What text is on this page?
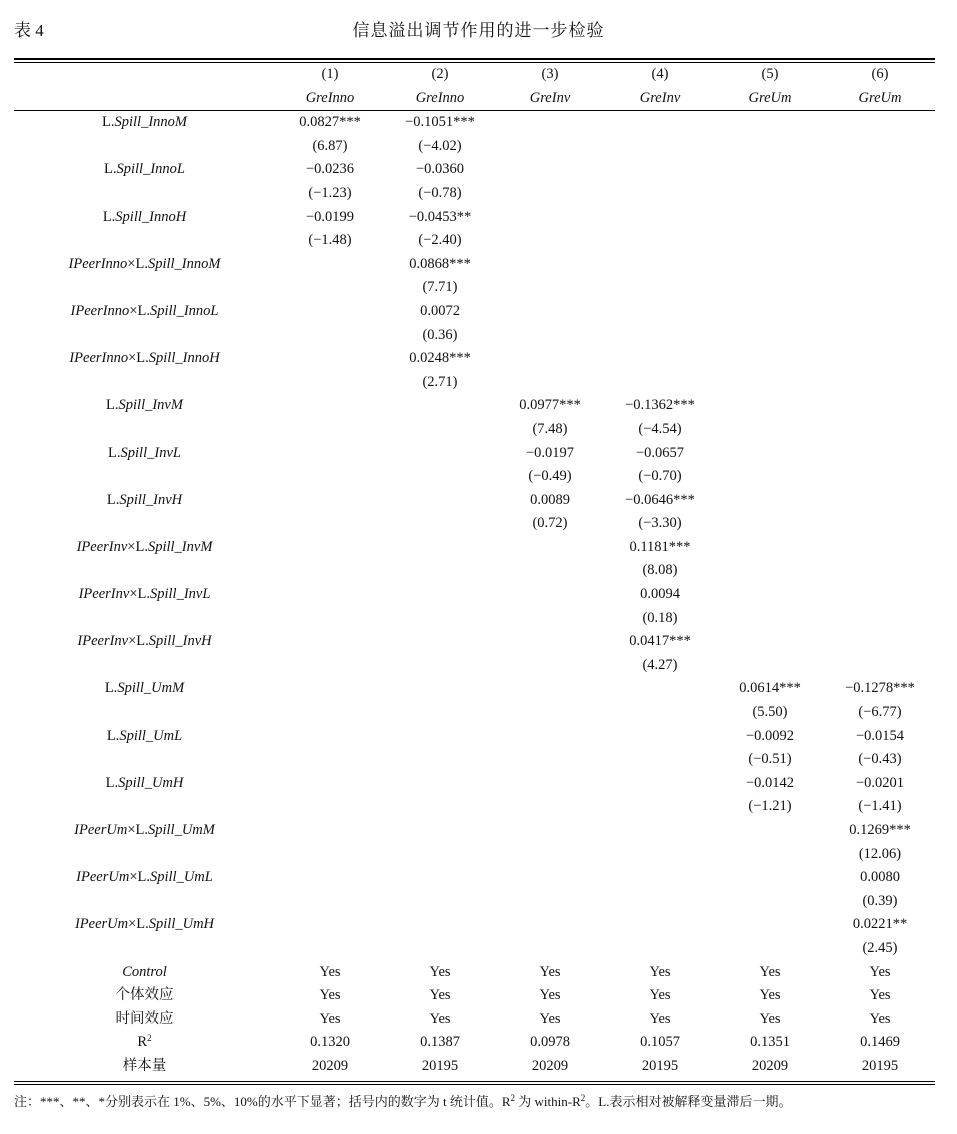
表 4	信息溢出调节作用的进一步检验
	(1)	(2)	(3)	(4)	(5)	(6)
	GreInno	GreInno	GreInv	GreInv	GreUm	GreUm
L.Spill_InnoM	0.0827***	−0.1051***				
	(6.87)	(−4.02)				
L.Spill_InnoL	−0.0236	−0.0360				
	(−1.23)	(−0.78)				
L.Spill_InnoH	−0.0199	−0.0453**				
	(−1.48)	(−2.40)				
IPeerInno×L.Spill_InnoM		0.0868***				
		(7.71)				
IPeerInno×L.Spill_InnoL		0.0072				
		(0.36)				
IPeerInno×L.Spill_InnoH		0.0248***				
		(2.71)				
L.Spill_InvM			0.0977***	−0.1362***		
			(7.48)	(−4.54)		
L.Spill_InvL			−0.0197	−0.0657		
			(−0.49)	(−0.70)		
L.Spill_InvH			0.0089	−0.0646***		
			(0.72)	(−3.30)		
IPeerInv×L.Spill_InvM				0.1181***		
				(8.08)		
IPeerInv×L.Spill_InvL				0.0094		
				(0.18)		
IPeerInv×L.Spill_InvH				0.0417***		
				(4.27)		
L.Spill_UmM					0.0614***	−0.1278***
					(5.50)	(−6.77)
L.Spill_UmL					−0.0092	−0.0154
					(−0.51)	(−0.43)
L.Spill_UmH					−0.0142	−0.0201
					(−1.21)	(−1.41)
IPeerUm×L.Spill_UmM						0.1269***
						(12.06)
IPeerUm×L.Spill_UmL						0.0080
						(0.39)
IPeerUm×L.Spill_UmH						0.0221**
						(2.45)
Control	Yes	Yes	Yes	Yes	Yes	Yes
个体效应	Yes	Yes	Yes	Yes	Yes	Yes
时间效应	Yes	Yes	Yes	Yes	Yes	Yes
$R^2$	0.1320	0.1387	0.0978	0.1057	0.1351	0.1469
样本量	20209	20195	20209	20195	20209	20195
注：***、**、*分别表示在 1%、5%、10%的水平下显著；括号内的数字为 t 统计值。$R^2$ 为 within-$R^2$。L.表示相对被解释变量滞后一期。
